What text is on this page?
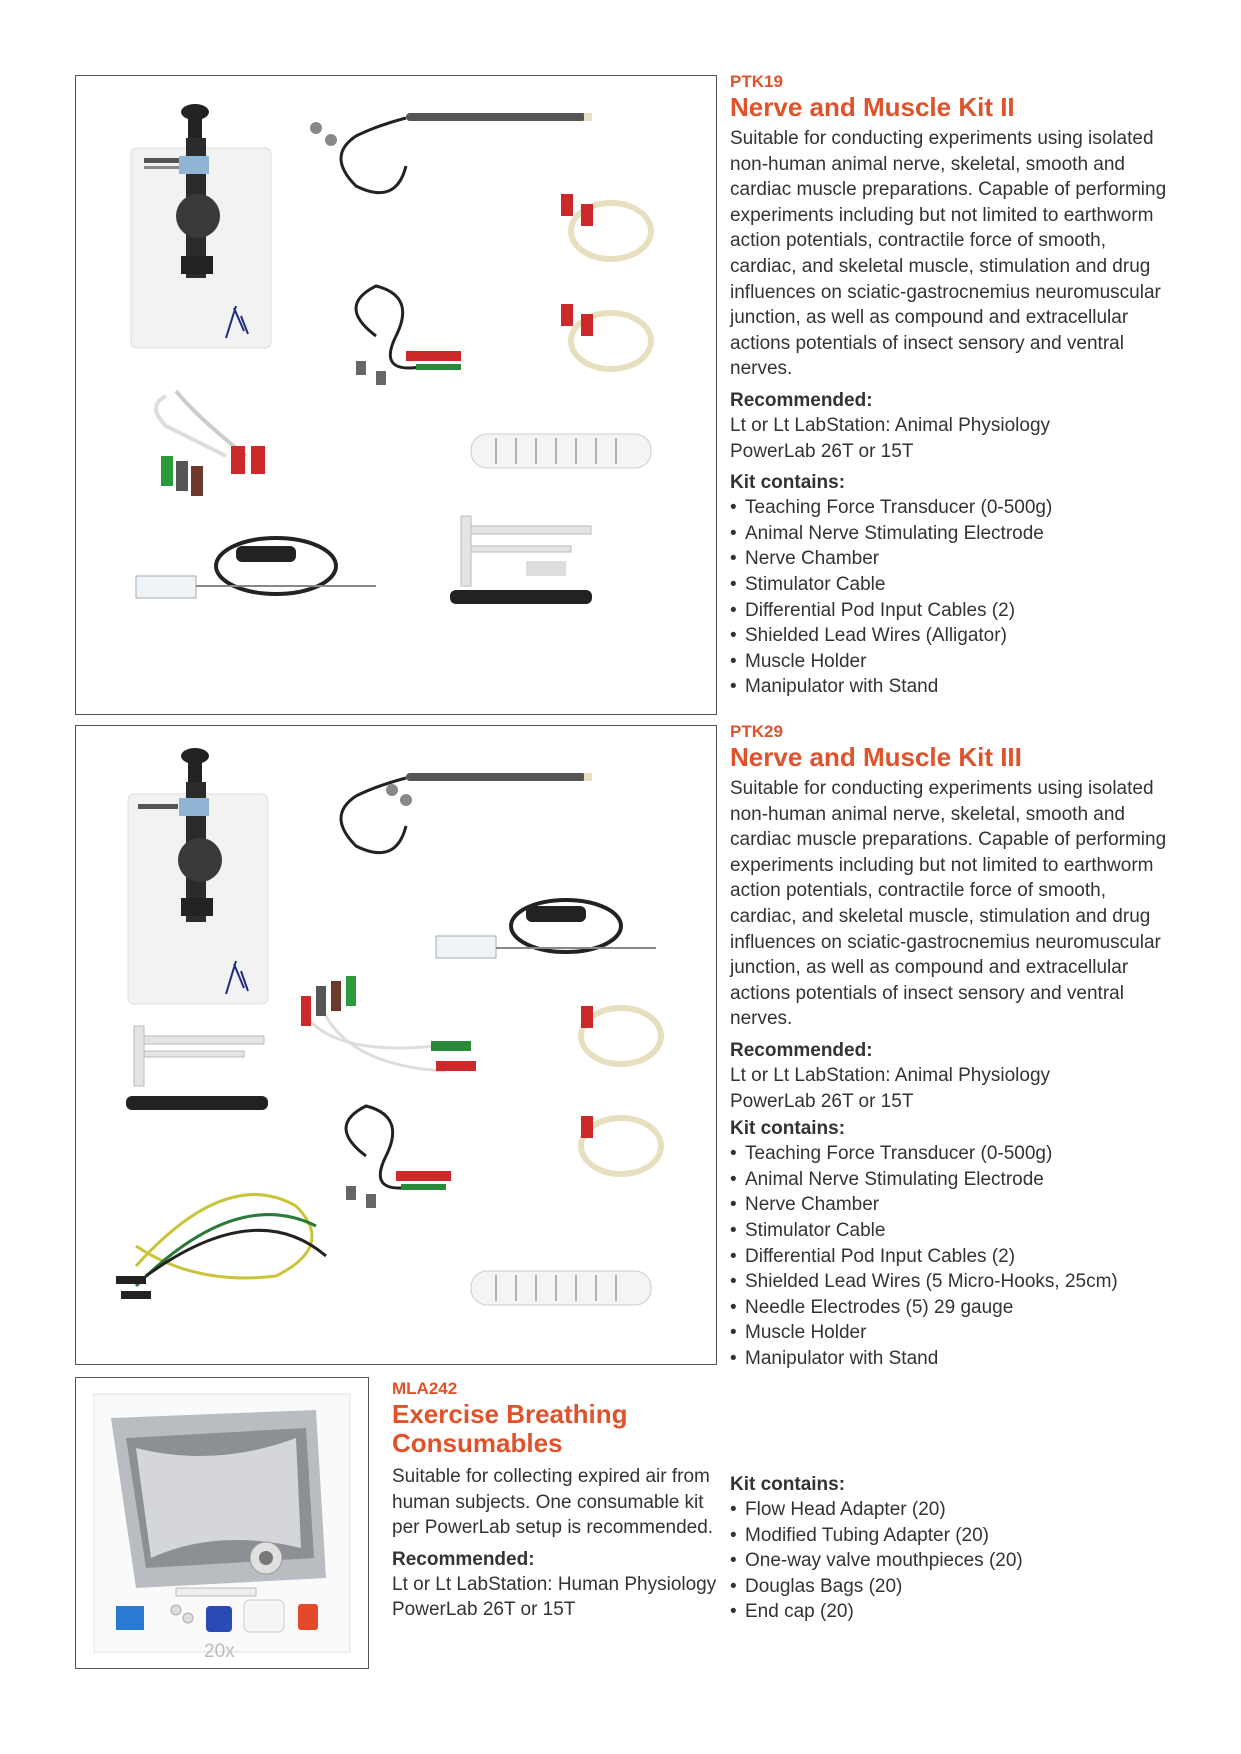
PTK19
Nerve and Muscle Kit II

Suitable for conducting experiments using isolated non-human animal nerve, skeletal, smooth and cardiac muscle preparations. Capable of performing experiments including but not limited to earthworm action potentials, contractile force of smooth, cardiac, and skeletal muscle, stimulation and drug influences on sciatic-gastrocnemius neuromuscular junction, as well as compound and extracellular actions potentials of insect sensory and ventral nerves.

Recommended:
Lt or Lt LabStation: Animal Physiology
PowerLab 26T or 15T
Kit contains:
• Teaching Force Transducer (0-500g)
• Animal Nerve Stimulating Electrode
• Nerve Chamber
• Stimulator Cable
• Differential Pod Input Cables (2)
• Shielded Lead Wires (Alligator)
• Muscle Holder
• Manipulator with Stand
PTK29
Nerve and Muscle Kit III

Suitable for conducting experiments using isolated non-human animal nerve, skeletal, smooth and cardiac muscle preparations. Capable of performing experiments including but not limited to earthworm action potentials, contractile force of smooth, cardiac, and skeletal muscle, stimulation and drug influences on sciatic-gastrocnemius neuromuscular junction, as well as compound and extracellular actions potentials of insect sensory and ventral nerves.

Recommended:
Lt or Lt LabStation: Animal Physiology
PowerLab 26T or 15T
Kit contains:
• Teaching Force Transducer (0-500g)
• Animal Nerve Stimulating Electrode
• Nerve Chamber
• Stimulator Cable
• Differential Pod Input Cables (2)
• Shielded Lead Wires (5 Micro-Hooks, 25cm)
• Needle Electrodes (5) 29 gauge
• Muscle Holder
• Manipulator with Stand
20x
MLA242
Exercise Breathing
Consumables

Suitable for collecting expired air from human subjects. One consumable kit per PowerLab setup is recommended.

Recommended:
Lt or Lt LabStation: Human Physiology
PowerLab 26T or 15T
Kit contains:
• Flow Head Adapter (20)
• Modified Tubing Adapter (20)
• One-way valve mouthpieces (20)
• Douglas Bags (20)
• End cap (20)
